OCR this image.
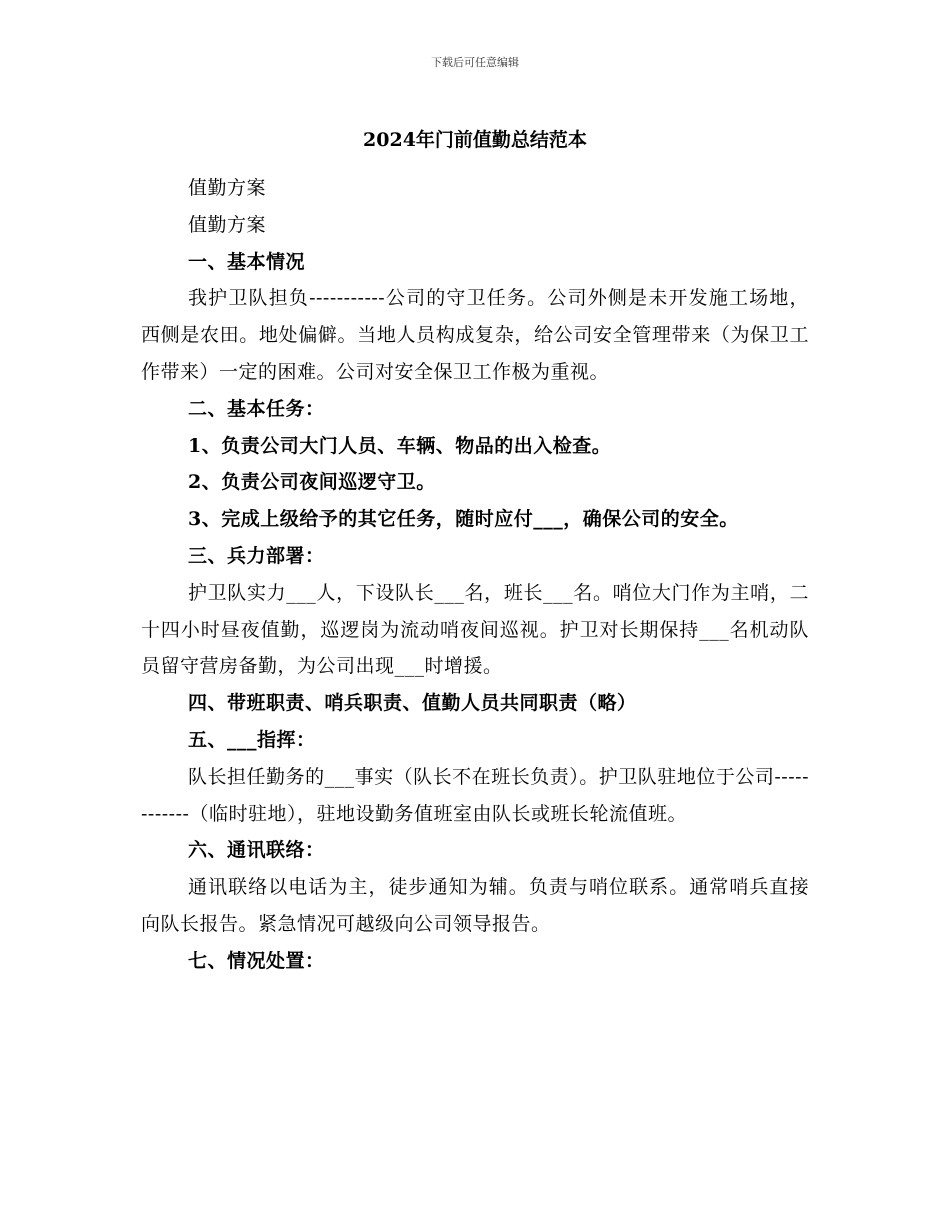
下载后可任意编辑
2024年门前值勤总结范本

值勤方案

值勤方案

一、基本情况

我护卫队担负-----------公司的守卫任务。公司外侧是未开发施工场地，西侧是农田。地处偏僻。当地人员构成复杂，给公司安全管理带来（为保卫工作带来）一定的困难。公司对安全保卫工作极为重视。

二、基本任务：

1、负责公司大门人员、车辆、物品的出入检查。

2、负责公司夜间巡逻守卫。

3、完成上级给予的其它任务，随时应付___，确保公司的安全。

三、兵力部署：

护卫队实力___人，下设队长___名，班长___名。哨位大门作为主哨，二十四小时昼夜值勤，巡逻岗为流动哨夜间巡视。护卫对长期保持___名机动队员留守营房备勤，为公司出现___时增援。

四、带班职责、哨兵职责、值勤人员共同职责（略）

五、___指挥：

队长担任勤务的___事实（队长不在班长负责）。护卫队驻地位于公司------------（临时驻地），驻地设勤务值班室由队长或班长轮流值班。

六、通讯联络：

通讯联络以电话为主，徒步通知为辅。负责与哨位联系。通常哨兵直接向队长报告。紧急情况可越级向公司领导报告。

七、情况处置：
